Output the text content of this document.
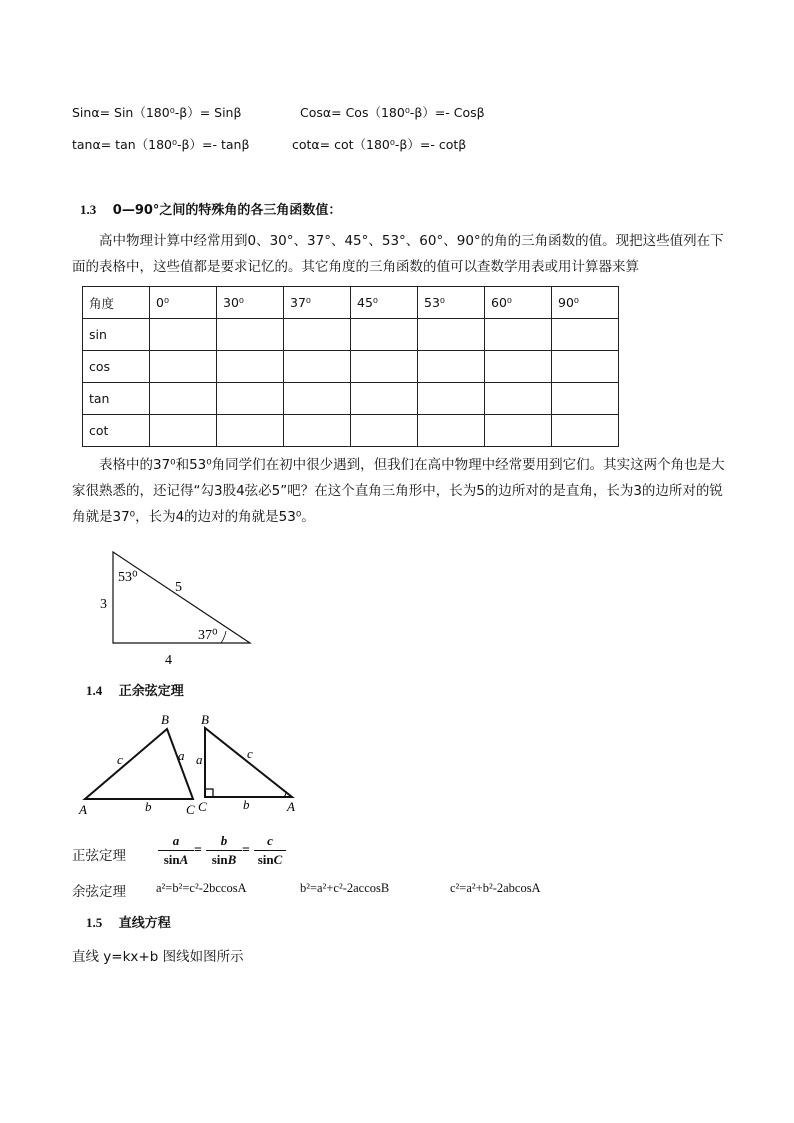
Sinα= Sin（180⁰-β）= Sinβ	Cosα= Cos（180⁰-β）=- Cosβ
tanα= tan（180⁰-β）=- tanβ	cotα= cot（180⁰-β）=- cotβ
1.3 0—90°之间的特殊角的各三角函数值：
高中物理计算中经常用到0、30°、37°、45°、53°、60°、90°的角的三角函数的值。现把这些值列在下面的表格中，这些值都是要求记忆的。其它角度的三角函数的值可以查数学用表或用计算器来算
角度	0⁰	30⁰	37⁰	45⁰	53⁰	60⁰	90⁰
sin							
cos							
tan							
cot							
表格中的37⁰和53⁰角同学们在初中很少遇到，但我们在高中物理中经常要用到它们。其实这两个角也是大家很熟悉的，还记得“勾3股4弦必5”吧？在这个直角三角形中，长为5的边所对的是直角，长为3的边所对的锐角就是37⁰，长为4的边对的角就是53⁰。
53⁰
37⁰
3
5
4
1.4 正余弦定理
B
A	C
a
b
c
B
C	A
a
b
c
正弦定理
a
sinA
=
b
sinB
=
c
sinC
余弦定理 a²=b²=c²-2bccosA	b²=a²+c²-2accosB	c²=a²+b²-2abcosA
1.5 直线方程
直线 y=kx+b 图线如图所示
